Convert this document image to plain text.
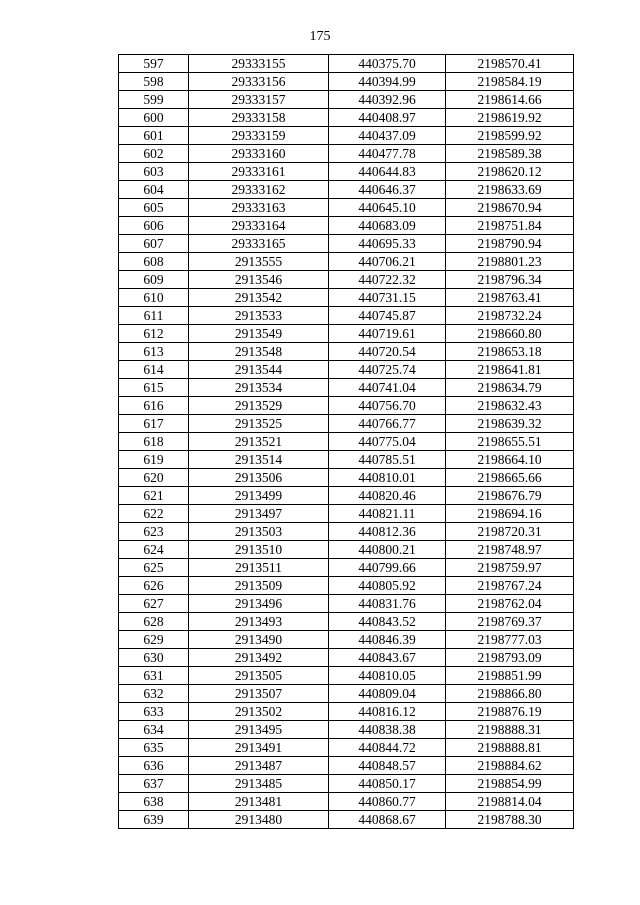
175
597	29333155	440375.70	2198570.41
598	29333156	440394.99	2198584.19
599	29333157	440392.96	2198614.66
600	29333158	440408.97	2198619.92
601	29333159	440437.09	2198599.92
602	29333160	440477.78	2198589.38
603	29333161	440644.83	2198620.12
604	29333162	440646.37	2198633.69
605	29333163	440645.10	2198670.94
606	29333164	440683.09	2198751.84
607	29333165	440695.33	2198790.94
608	2913555	440706.21	2198801.23
609	2913546	440722.32	2198796.34
610	2913542	440731.15	2198763.41
611	2913533	440745.87	2198732.24
612	2913549	440719.61	2198660.80
613	2913548	440720.54	2198653.18
614	2913544	440725.74	2198641.81
615	2913534	440741.04	2198634.79
616	2913529	440756.70	2198632.43
617	2913525	440766.77	2198639.32
618	2913521	440775.04	2198655.51
619	2913514	440785.51	2198664.10
620	2913506	440810.01	2198665.66
621	2913499	440820.46	2198676.79
622	2913497	440821.11	2198694.16
623	2913503	440812.36	2198720.31
624	2913510	440800.21	2198748.97
625	2913511	440799.66	2198759.97
626	2913509	440805.92	2198767.24
627	2913496	440831.76	2198762.04
628	2913493	440843.52	2198769.37
629	2913490	440846.39	2198777.03
630	2913492	440843.67	2198793.09
631	2913505	440810.05	2198851.99
632	2913507	440809.04	2198866.80
633	2913502	440816.12	2198876.19
634	2913495	440838.38	2198888.31
635	2913491	440844.72	2198888.81
636	2913487	440848.57	2198884.62
637	2913485	440850.17	2198854.99
638	2913481	440860.77	2198814.04
639	2913480	440868.67	2198788.30
